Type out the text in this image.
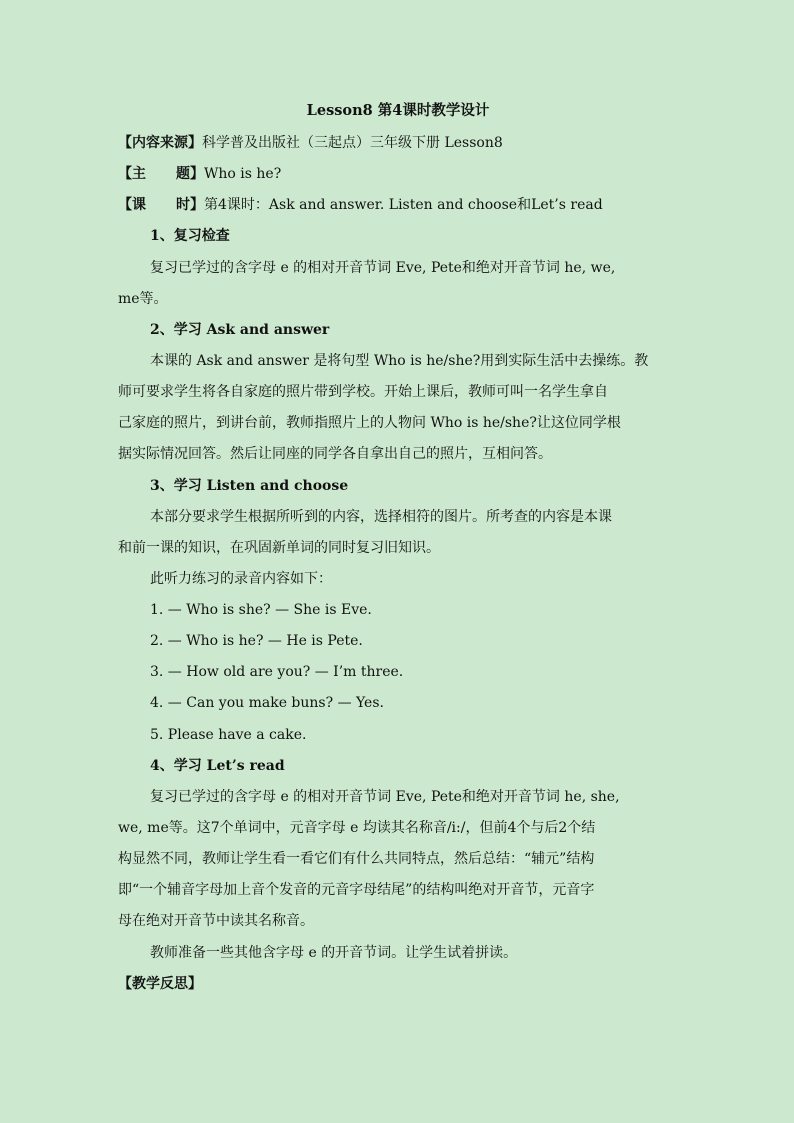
Lesson8 第4课时教学设计
【内容来源】科学普及出版社（三起点）三年级下册 Lesson8
【主 题】Who is he?
【课 时】第4课时：Ask and answer. Listen and choose和Let’s read
1、复习检查
复习已学过的含字母 e 的相对开音节词 Eve, Pete和绝对开音节词 he, we,
me等。
2、学习 Ask and answer
本课的 Ask and answer 是将句型 Who is he/she?用到实际生活中去操练。教
师可要求学生将各自家庭的照片带到学校。开始上课后，教师可叫一名学生拿自
己家庭的照片，到讲台前，教师指照片上的人物问 Who is he/she?让这位同学根
据实际情况回答。然后让同座的同学各自拿出自己的照片，互相问答。
3、学习 Listen and choose
本部分要求学生根据所听到的内容，选择相符的图片。所考查的内容是本课
和前一课的知识，在巩固新单词的同时复习旧知识。
此听力练习的录音内容如下：
1. — Who is she? — She is Eve.
2. — Who is he? — He is Pete.
3. — How old are you? — I’m three.
4. — Can you make buns? — Yes.
5. Please have a cake.
4、学习 Let’s read
复习已学过的含字母 e 的相对开音节词 Eve, Pete和绝对开音节词 he, she,
we, me等。这7个单词中，元音字母 e 均读其名称音/i:/，但前4个与后2个结
构显然不同，教师让学生看一看它们有什么共同特点，然后总结：“辅元”结构
即“一个辅音字母加上音个发音的元音字母结尾”的结构叫绝对开音节，元音字
母在绝对开音节中读其名称音。
教师准备一些其他含字母 e 的开音节词。让学生试着拼读。
【教学反思】
